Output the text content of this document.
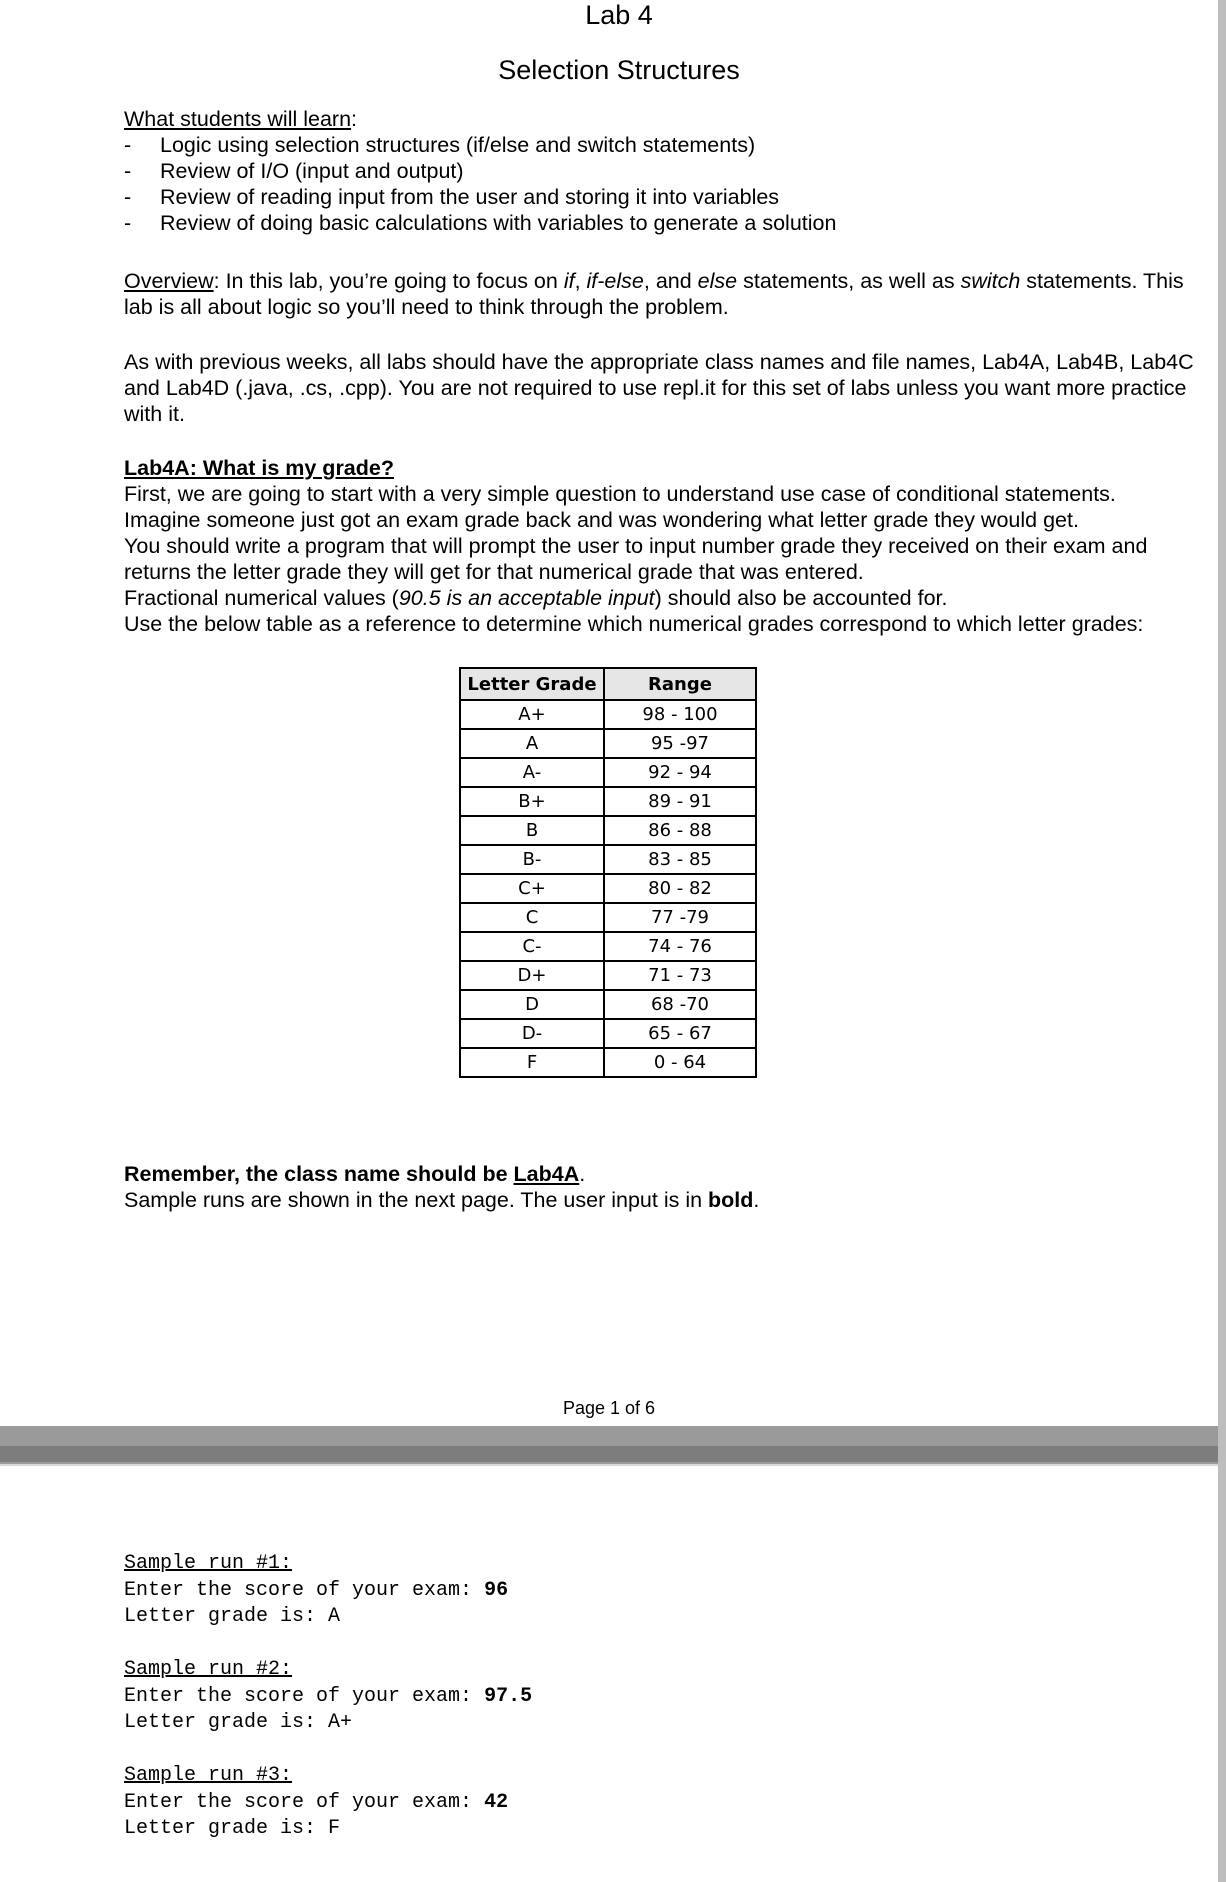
Lab 4
Selection Structures
What students will learn:
- Logic using selection structures (if/else and switch statements)
- Review of I/O (input and output)
- Review of reading input from the user and storing it into variables
- Review of doing basic calculations with variables to generate a solution
Overview: In this lab, you’re going to focus on if, if-else, and else statements, as well as switch statements. This lab is all about logic so you’ll need to think through the problem.
As with previous weeks, all labs should have the appropriate class names and file names, Lab4A, Lab4B, Lab4C and Lab4D (.java, .cs, .cpp). You are not required to use repl.it for this set of labs unless you want more practice with it.
Lab4A: What is my grade?
First, we are going to start with a very simple question to understand use case of conditional statements.
Imagine someone just got an exam grade back and was wondering what letter grade they would get.
You should write a program that will prompt the user to input number grade they received on their exam and returns the letter grade they will get for that numerical grade that was entered.
Fractional numerical values (90.5 is an acceptable input) should also be accounted for.
Use the below table as a reference to determine which numerical grades correspond to which letter grades:
Letter Grade	Range
A+	98 - 100
A	95 -97
A-	92 - 94
B+	89 - 91
B	86 - 88
B-	83 - 85
C+	80 - 82
C	77 -79
C-	74 - 76
D+	71 - 73
D	68 -70
D-	65 - 67
F	0 - 64
Remember, the class name should be Lab4A.
Sample runs are shown in the next page. The user input is in bold.
Page 1 of 6
Sample run #1:
Enter the score of your exam: 96
Letter grade is: A
Sample run #2:
Enter the score of your exam: 97.5
Letter grade is: A+
Sample run #3:
Enter the score of your exam: 42
Letter grade is: F
